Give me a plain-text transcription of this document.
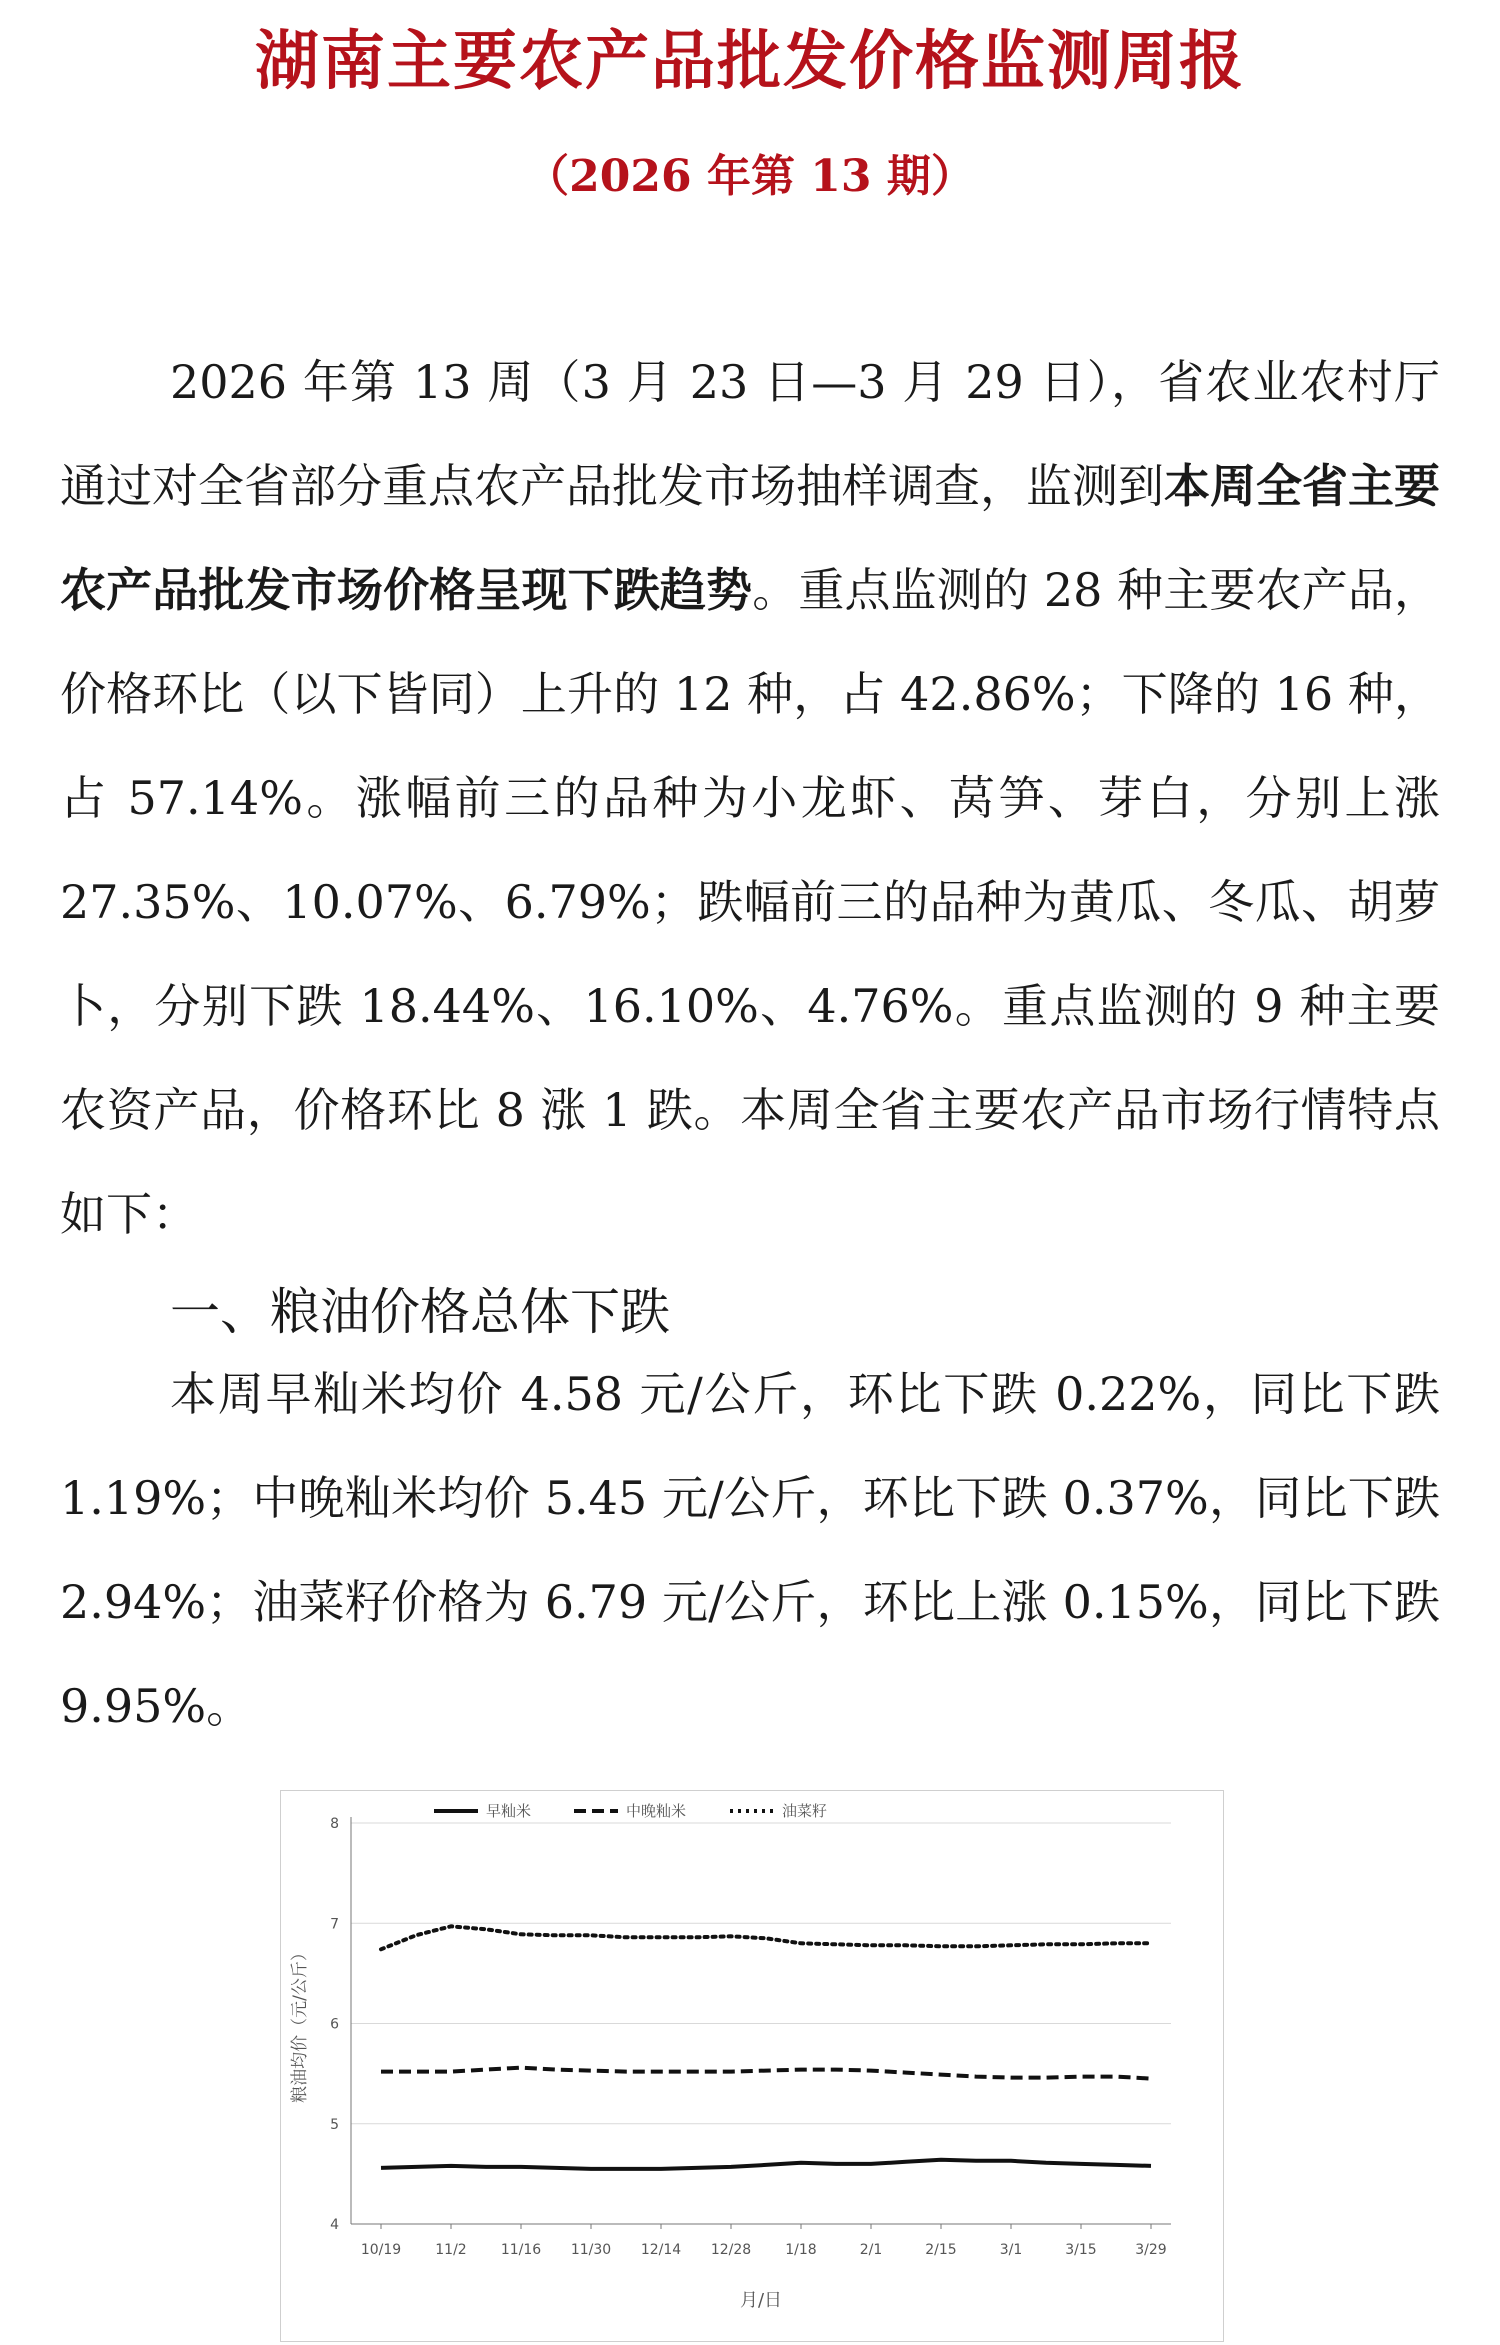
湖南主要农产品批发价格监测周报
（2026 年第 13 期）

2026 年第 13 周（3 月 23 日—3 月 29 日），省农业农村厅通过对全省部分重点农产品批发市场抽样调查，监测到本周全省主要农产品批发市场价格呈现下跌趋势。重点监测的 28 种主要农产品，价格环比（以下皆同）上升的 12 种，占 42.86%；下降的 16 种，占 57.14%。涨幅前三的品种为小龙虾、莴笋、芽白，分别上涨 27.35%、10.07%、6.79%；跌幅前三的品种为黄瓜、冬瓜、胡萝卜，分别下跌 18.44%、16.10%、4.76%。重点监测的 9 种主要农资产品，价格环比 8 涨 1 跌。本周全省主要农产品市场行情特点如下：

一、粮油价格总体下跌

本周早籼米均价 4.58 元/公斤，环比下跌 0.22%，同比下跌 1.19%；中晚籼米均价 5.45 元/公斤，环比下跌 0.37%，同比下跌 2.94%；油菜籽价格为 6.79 元/公斤，环比上涨 0.15%，同比下跌 9.95%。

4
5
6
7
8
10/19 11/2 11/16 11/30 12/14 12/28 1/18	2/1	2/15	3/1	3/15	3/29
月/日
粮油均价（元/公斤）
早籼米	中晚籼米	油菜籽
